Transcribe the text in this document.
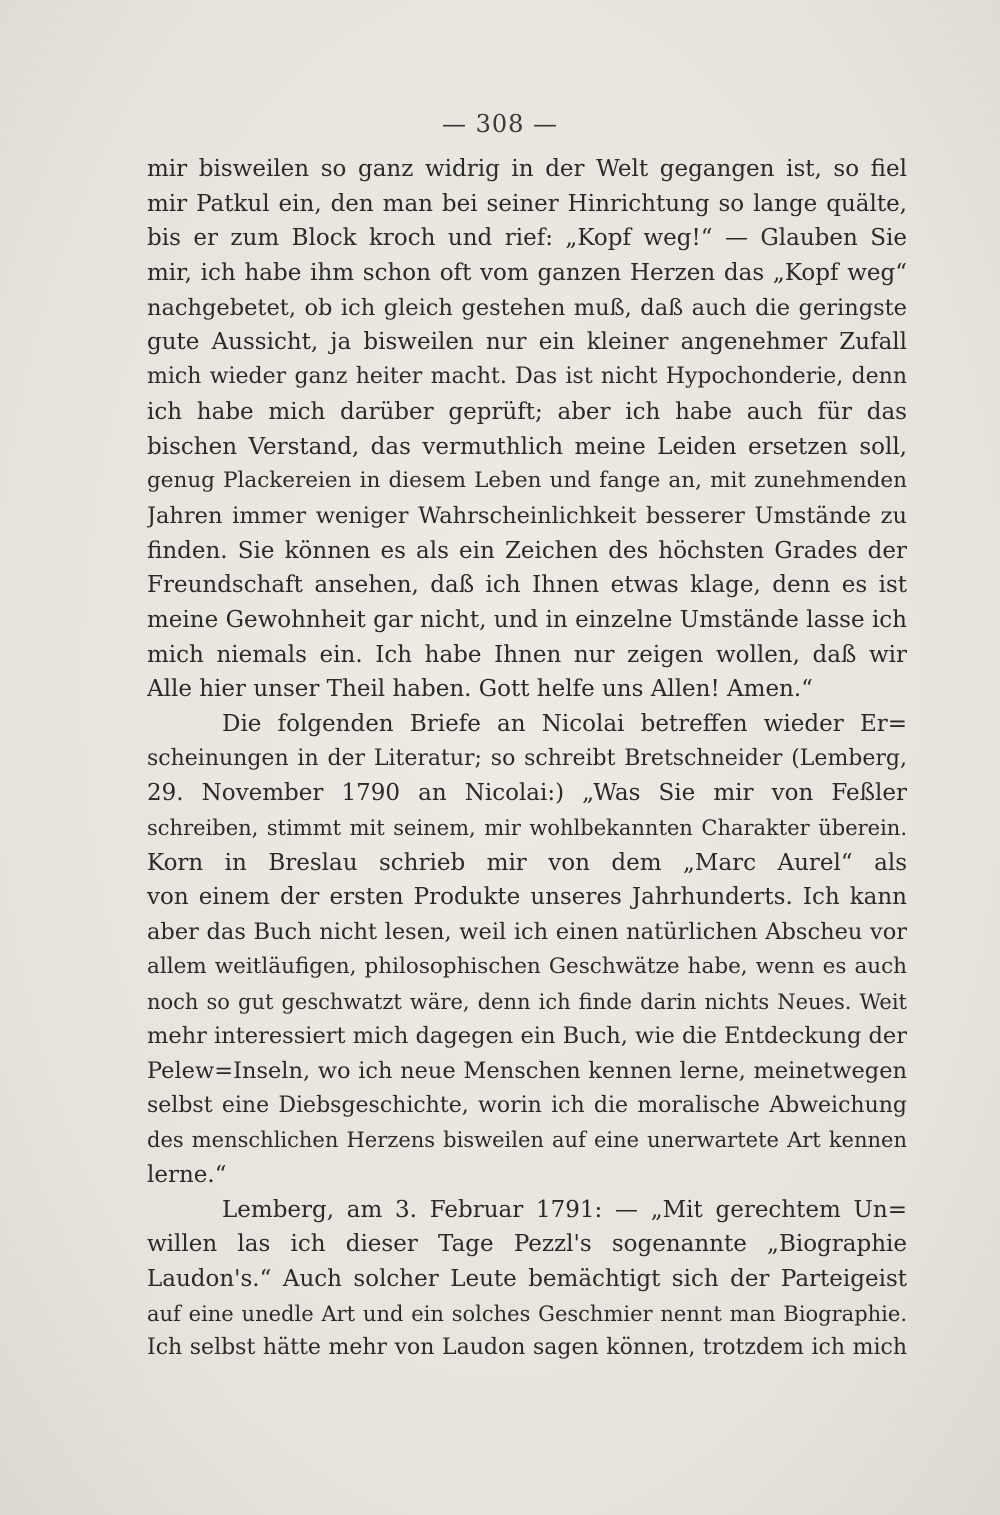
— 308 —
mir bisweilen so ganz widrig in der Welt gegangen ist, so fiel
mir Patkul ein, den man bei seiner Hinrichtung so lange quälte,
bis er zum Block kroch und rief: „Kopf weg!“ — Glauben Sie
mir, ich habe ihm schon oft vom ganzen Herzen das „Kopf weg“
nachgebetet, ob ich gleich gestehen muß, daß auch die geringste
gute Aussicht, ja bisweilen nur ein kleiner angenehmer Zufall
mich wieder ganz heiter macht. Das ist nicht Hypochonderie, denn
ich habe mich darüber geprüft; aber ich habe auch für das
bischen Verstand, das vermuthlich meine Leiden ersetzen soll,
genug Plackereien in diesem Leben und fange an, mit zunehmenden
Jahren immer weniger Wahrscheinlichkeit besserer Umstände zu
finden. Sie können es als ein Zeichen des höchsten Grades der
Freundschaft ansehen, daß ich Ihnen etwas klage, denn es ist
meine Gewohnheit gar nicht, und in einzelne Umstände lasse ich
mich niemals ein. Ich habe Ihnen nur zeigen wollen, daß wir
Alle hier unser Theil haben. Gott helfe uns Allen! Amen.“
Die folgenden Briefe an Nicolai betreffen wieder Er=
scheinungen in der Literatur; so schreibt Bretschneider (Lemberg,
29. November 1790 an Nicolai:) „Was Sie mir von Feßler
schreiben, stimmt mit seinem, mir wohlbekannten Charakter überein.
Korn in Breslau schrieb mir von dem „Marc Aurel“ als
von einem der ersten Produkte unseres Jahrhunderts. Ich kann
aber das Buch nicht lesen, weil ich einen natürlichen Abscheu vor
allem weitläufigen, philosophischen Geschwätze habe, wenn es auch
noch so gut geschwatzt wäre, denn ich finde darin nichts Neues. Weit
mehr interessiert mich dagegen ein Buch, wie die Entdeckung der
Pelew=Inseln, wo ich neue Menschen kennen lerne, meinetwegen
selbst eine Diebsgeschichte, worin ich die moralische Abweichung
des menschlichen Herzens bisweilen auf eine unerwartete Art kennen
lerne.“
Lemberg, am 3. Februar 1791: — „Mit gerechtem Un=
willen las ich dieser Tage Pezzl's sogenannte „Biographie
Laudon's.“ Auch solcher Leute bemächtigt sich der Parteigeist
auf eine unedle Art und ein solches Geschmier nennt man Biographie.
Ich selbst hätte mehr von Laudon sagen können, trotzdem ich mich
